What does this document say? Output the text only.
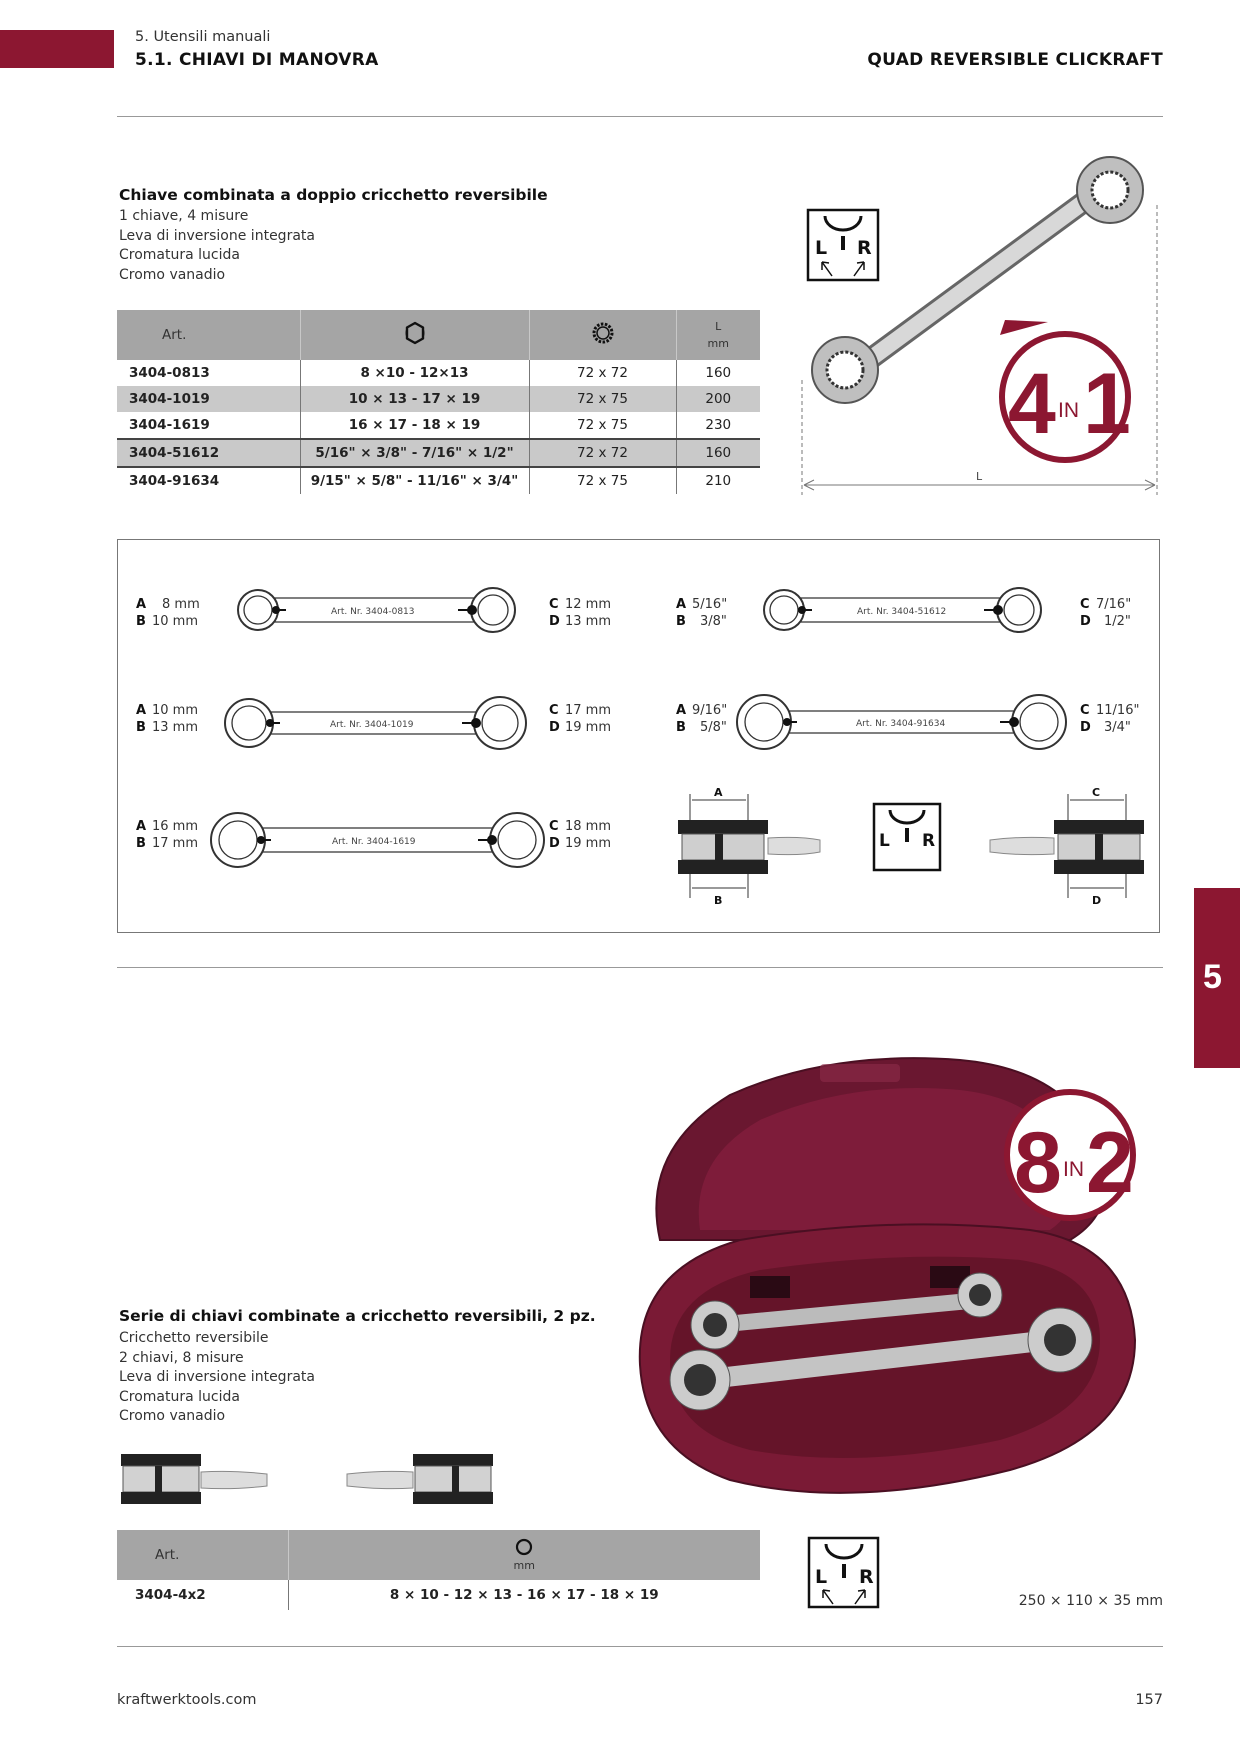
5. Utensili manuali
5.1. CHIAVI DI MANOVRA	QUAD REVERSIBLE CLICKRAFT
Chiave combinata a doppio cricchetto reversibile
1 chiave, 4 misure
Leva di inversione integrata
Cromatura lucida
Cromo vanadio
Art.			L
mm

3404-0813	8 ×10 - 12×13	72 x 72	160
3404-1019	10 × 13 - 17 × 19	72 x 75	200
3404-1619	16 × 17 - 18 × 19	72 x 75	230
3404-51612	5/16" × 3/8" - 7/16" × 1/2"	72 x 72	160
3404-91634	9/15" × 5/8" - 11/16" × 3/4"	72 x 75	210
L R
L
4 IN 1
A 8 mm
B 10 mm
C 12 mm
D 13 mm
Art. Nr. 3404-0813
A 10 mm
B 13 mm
C 17 mm
D 19 mm
Art. Nr. 3404-1019
A 16 mm
B 17 mm
C 18 mm
D 19 mm
Art. Nr. 3404-1619
A 5/16"
B 3/8"
C 7/16"
D 1/2"
Art. Nr. 3404-51612
A 9/16"
B 5/8"
C 11/16"
D 3/4"
Art. Nr. 3404-91634
A
B
L R
C
D
5
8 IN 2
Serie di chiavi combinate a cricchetto reversibili, 2 pz.
Cricchetto reversibile
2 chiavi, 8 misure
Leva di inversione integrata
Cromatura lucida
Cromo vanadio
Art.	mm

3404-4x2	8 × 10 - 12 × 13 - 16 × 17 - 18 × 19
L R
250 × 110 × 35 mm
kraftwerktools.com	157
